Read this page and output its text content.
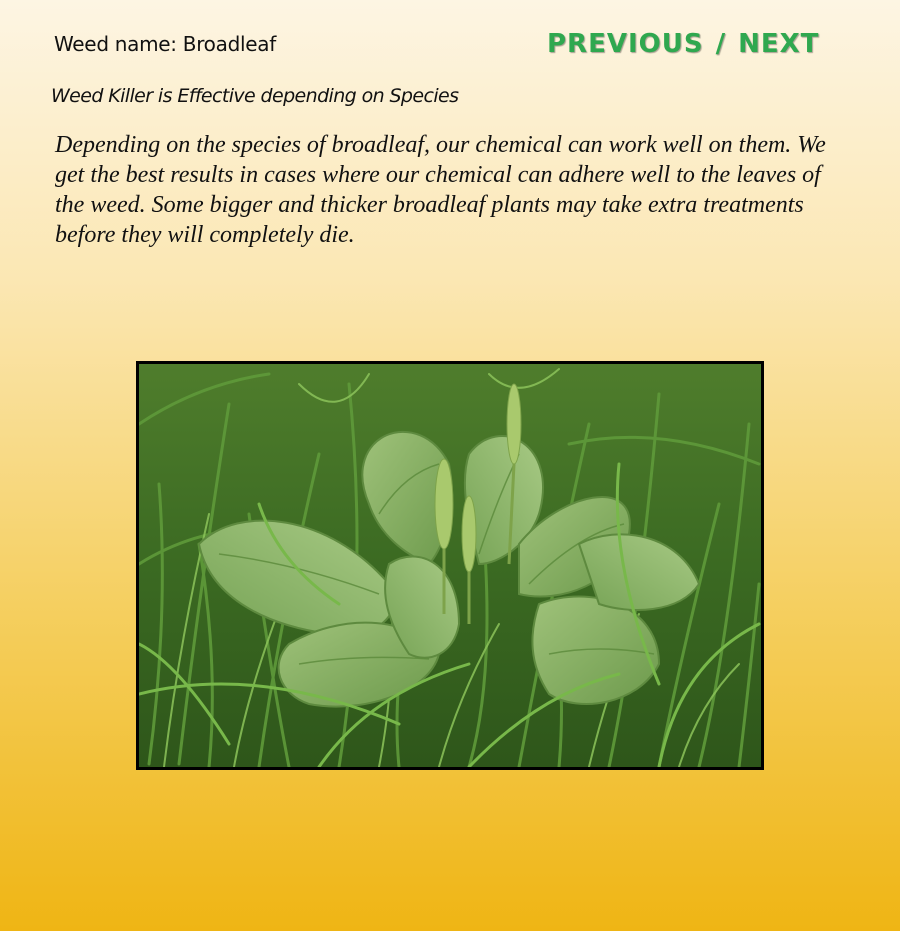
Weed name: Broadleaf	PREVIOUS / NEXT
Weed Killer is Effective depending on Species
Depending on the species of broadleaf, our chemical can work well on them. We get the best results in cases where our chemical can adhere well to the leaves of the weed. Some bigger and thicker broadleaf plants may take extra treatments before they will completely die.
